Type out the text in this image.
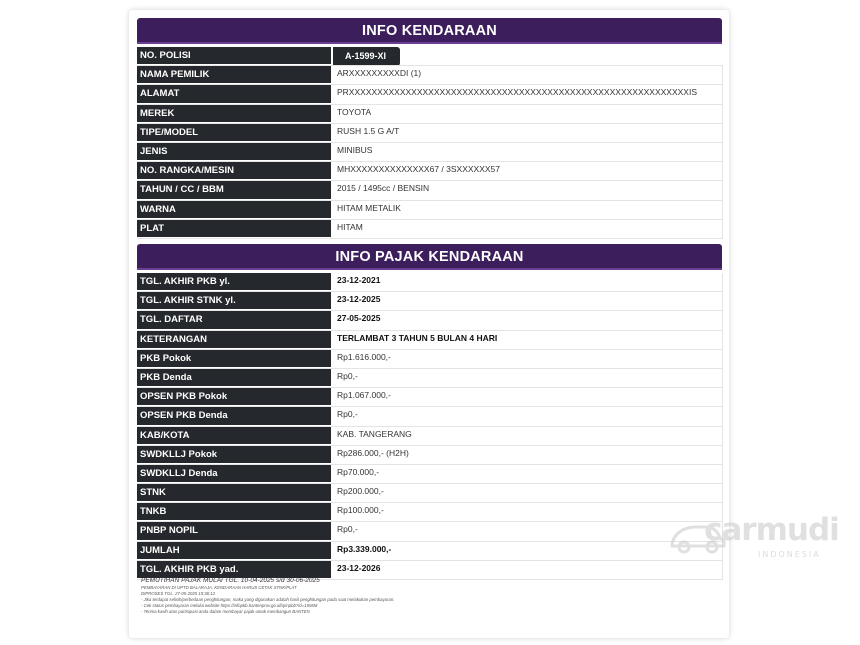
INFO KENDARAAN
NO. POLISI	A-1599-XI
NAMA PEMILIK	ARXXXXXXXXXDI (1)
ALAMAT	PRXXXXXXXXXXXXXXXXXXXXXXXXXXXXXXXXXXXXXXXXXXXXXXXXXXXXXXXXXXXXIS
MEREK	TOYOTA
TIPE/MODEL	RUSH 1.5 G A/T
JENIS	MINIBUS
NO. RANGKA/MESIN	MHXXXXXXXXXXXXXX67 / 3SXXXXXX57
TAHUN / CC / BBM	2015 / 1495cc / BENSIN
WARNA	HITAM METALIK
PLAT	HITAM
INFO PAJAK KENDARAAN
TGL. AKHIR PKB yl.	23-12-2021
TGL. AKHIR STNK yl.	23-12-2025
TGL. DAFTAR	27-05-2025
KETERANGAN	TERLAMBAT 3 TAHUN 5 BULAN 4 HARI
PKB Pokok	Rp1.616.000,-
PKB Denda	Rp0,-
OPSEN PKB Pokok	Rp1.067.000,-
OPSEN PKB Denda	Rp0,-
KAB/KOTA	KAB. TANGERANG
SWDKLLJ Pokok	Rp286.000,- (H2H)
SWDKLLJ Denda	Rp70.000,-
STNK	Rp200.000,-
TNKB	Rp100.000,-
PNBP NOPIL	Rp0,-
JUMLAH	Rp3.339.000,-
TGL. AKHIR PKB yad.	23-12-2026
PEMUTIHAN PAJAK MULAI TGL. 10-04-2025 s/d 30-06-2025
PEMBAYARAN DI UPTD BALARAJA, KENDARAAN HARUS CETAK STNK/PLAT
DIPROSES TGL. 27-05-2025 15:36:12
- Jika terdapat selisih/perbedaan penghitungan, maka yang digunakan adalah hasil penghitungan pada saat melakukan pembayaran.
- Cek status pembayaran melalui website https://infopkb.bantenprov.go.id/qrinpbb?id=1556M
- Terima kasih atas partisipasi anda dalam membayar pajak untuk membangun BANTEN
carmudi
INDONESIA
